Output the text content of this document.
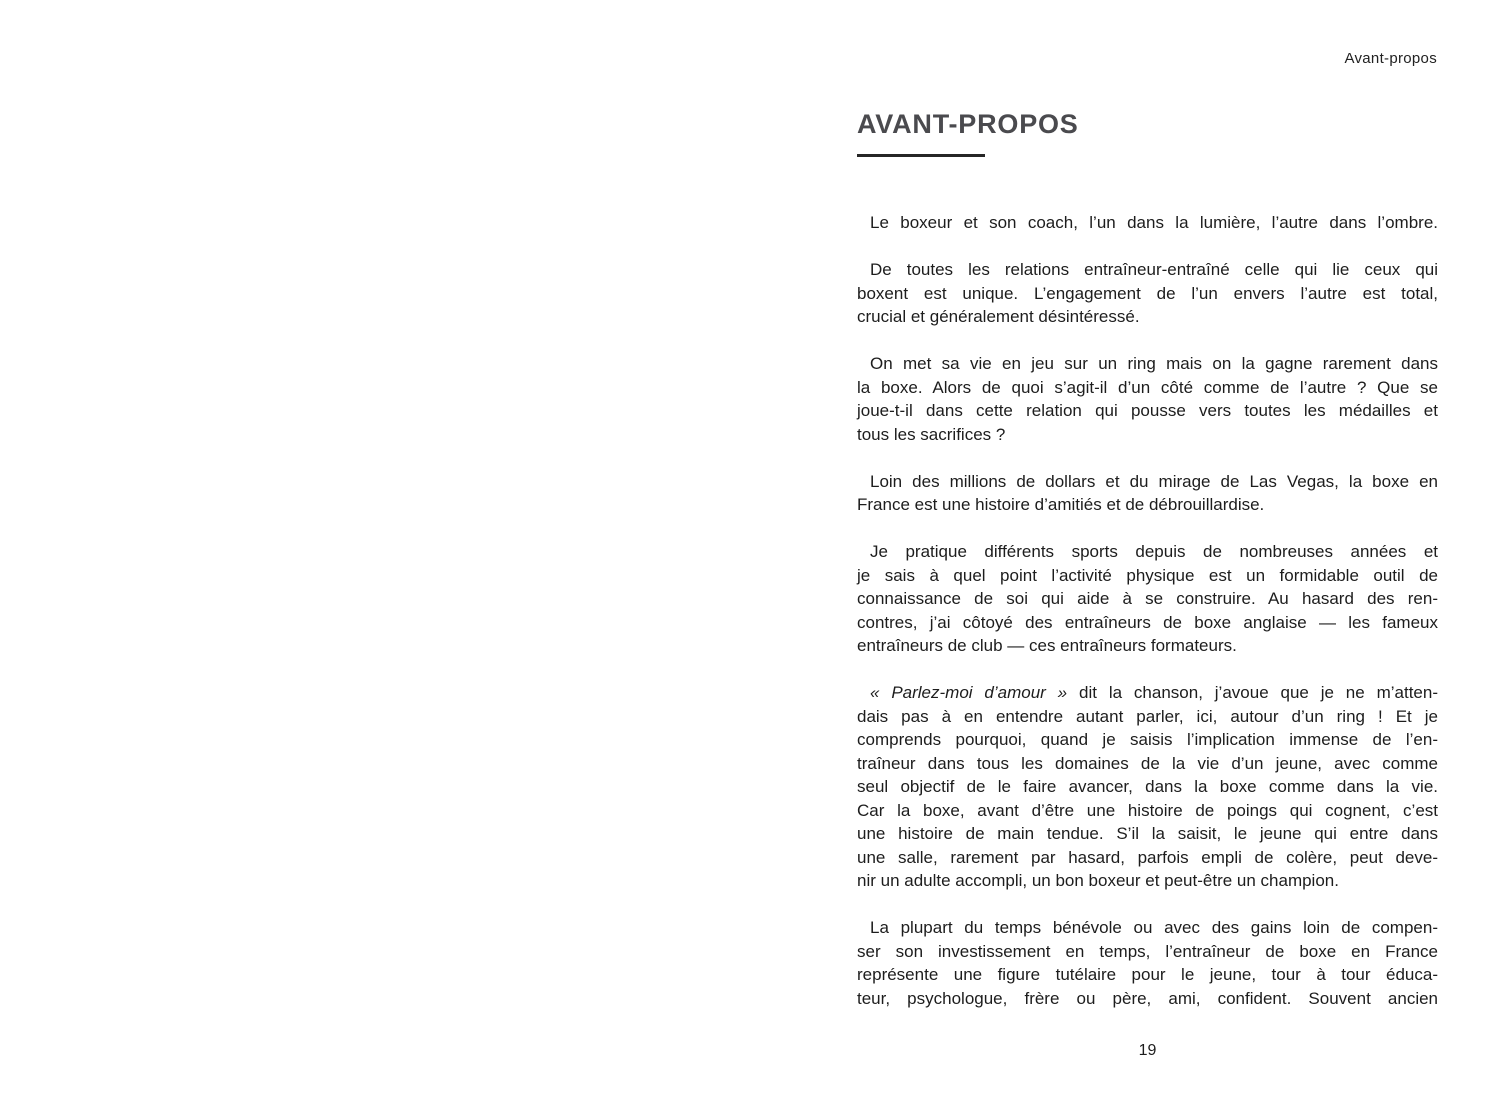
Avant-propos
AVANT-PROPOS
Le boxeur et son coach, l’un dans la lumière, l’autre dans l’ombre.
De toutes les relations entraîneur-entraîné celle qui lie ceux qui
boxent est unique. L’engagement de l’un envers l’autre est total,
crucial et généralement désintéressé.
On met sa vie en jeu sur un ring mais on la gagne rarement dans
la boxe. Alors de quoi s’agit-il d’un côté comme de l’autre ? Que se
joue-t-il dans cette relation qui pousse vers toutes les médailles et
tous les sacrifices ?
Loin des millions de dollars et du mirage de Las Vegas, la boxe en
France est une histoire d’amitiés et de débrouillardise.
Je pratique différents sports depuis de nombreuses années et
je sais à quel point l’activité physique est un formidable outil de
connaissance de soi qui aide à se construire. Au hasard des ren-
contres, j’ai côtoyé des entraîneurs de boxe anglaise — les fameux
entraîneurs de club — ces entraîneurs formateurs.
« Parlez-moi d’amour » dit la chanson, j’avoue que je ne m’atten-
dais pas à en entendre autant parler, ici, autour d’un ring ! Et je
comprends pourquoi, quand je saisis l’implication immense de l’en-
traîneur dans tous les domaines de la vie d’un jeune, avec comme
seul objectif de le faire avancer, dans la boxe comme dans la vie.
Car la boxe, avant d’être une histoire de poings qui cognent, c’est
une histoire de main tendue. S’il la saisit, le jeune qui entre dans
une salle, rarement par hasard, parfois empli de colère, peut deve-
nir un adulte accompli, un bon boxeur et peut-être un champion.
La plupart du temps bénévole ou avec des gains loin de compen-
ser son investissement en temps, l’entraîneur de boxe en France
représente une figure tutélaire pour le jeune, tour à tour éduca-
teur, psychologue, frère ou père, ami, confident. Souvent ancien
19
